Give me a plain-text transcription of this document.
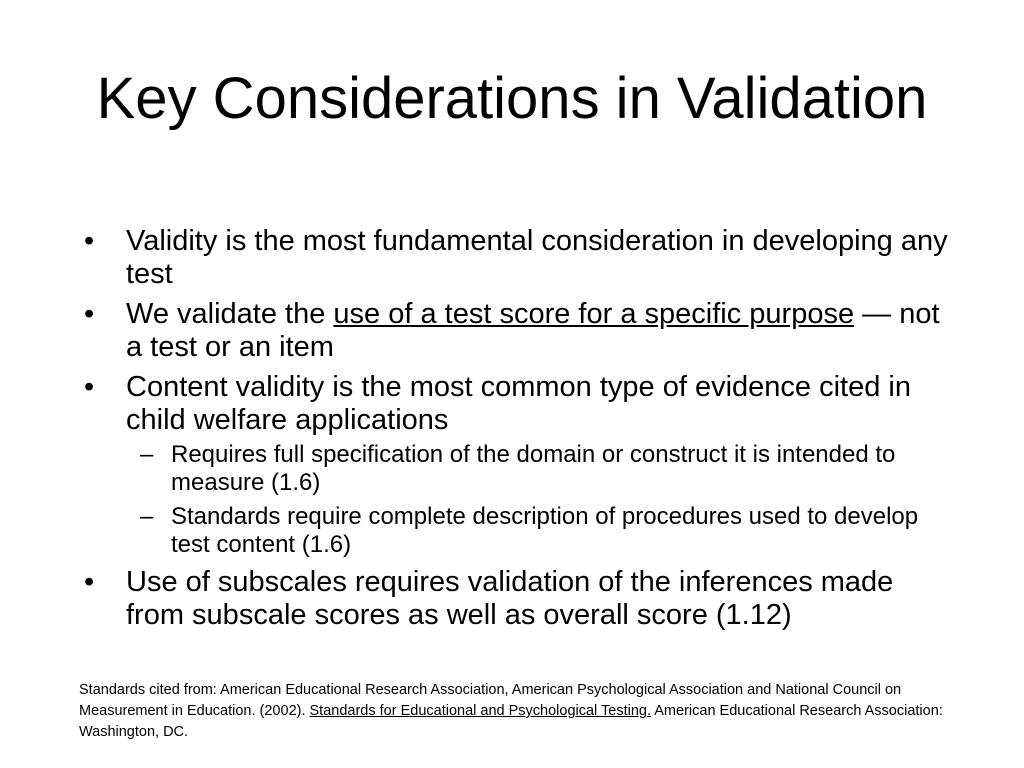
Key Considerations in Validation
•	Validity is the most fundamental consideration in developing any test
•	We validate the use of a test score for a specific purpose — not a test or an item
•	Content validity is the most common type of evidence cited in child welfare applications
– Requires full specification of the domain or construct it is intended to measure (1.6)
– Standards require complete description of procedures used to develop test content (1.6)
•	Use of subscales requires validation of the inferences made from subscale scores as well as overall score (1.12)

Standards cited from: American Educational Research Association, American Psychological Association and National Council on Measurement in Education. (2002). Standards for Educational and Psychological Testing. American Educational Research Association: Washington, DC.
